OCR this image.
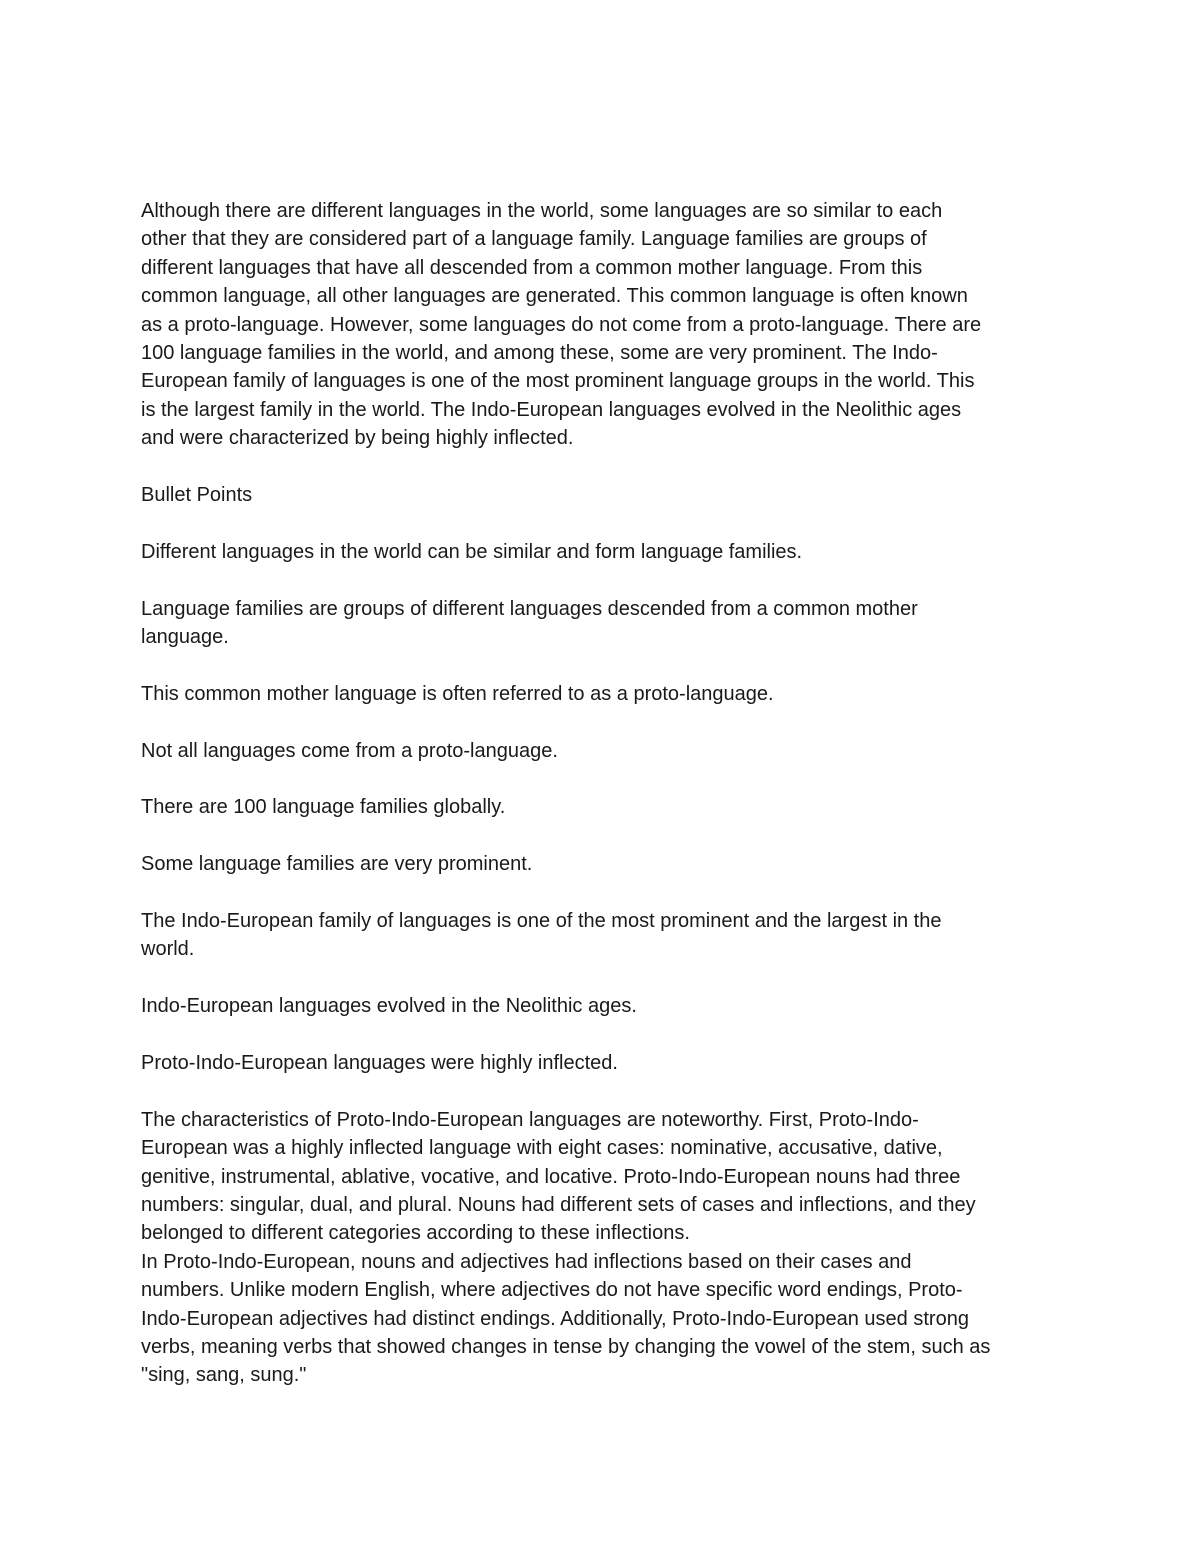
Although there are different languages in the world, some languages are so similar to each
other that they are considered part of a language family. Language families are groups of
different languages that have all descended from a common mother language. From this
common language, all other languages are generated. This common language is often known
as a proto-language. However, some languages do not come from a proto-language. There are
100 language families in the world, and among these, some are very prominent. The Indo-
European family of languages is one of the most prominent language groups in the world. This
is the largest family in the world. The Indo-European languages evolved in the Neolithic ages
and were characterized by being highly inflected.

Bullet Points

Different languages in the world can be similar and form language families.

Language families are groups of different languages descended from a common mother
language.

This common mother language is often referred to as a proto-language.

Not all languages come from a proto-language.

There are 100 language families globally.

Some language families are very prominent.

The Indo-European family of languages is one of the most prominent and the largest in the
world.

Indo-European languages evolved in the Neolithic ages.

Proto-Indo-European languages were highly inflected.

The characteristics of Proto-Indo-European languages are noteworthy. First, Proto-Indo-
European was a highly inflected language with eight cases: nominative, accusative, dative,
genitive, instrumental, ablative, vocative, and locative. Proto-Indo-European nouns had three
numbers: singular, dual, and plural. Nouns had different sets of cases and inflections, and they
belonged to different categories according to these inflections.

In Proto-Indo-European, nouns and adjectives had inflections based on their cases and
numbers. Unlike modern English, where adjectives do not have specific word endings, Proto-
Indo-European adjectives had distinct endings. Additionally, Proto-Indo-European used strong
verbs, meaning verbs that showed changes in tense by changing the vowel of the stem, such as
"sing, sang, sung."
